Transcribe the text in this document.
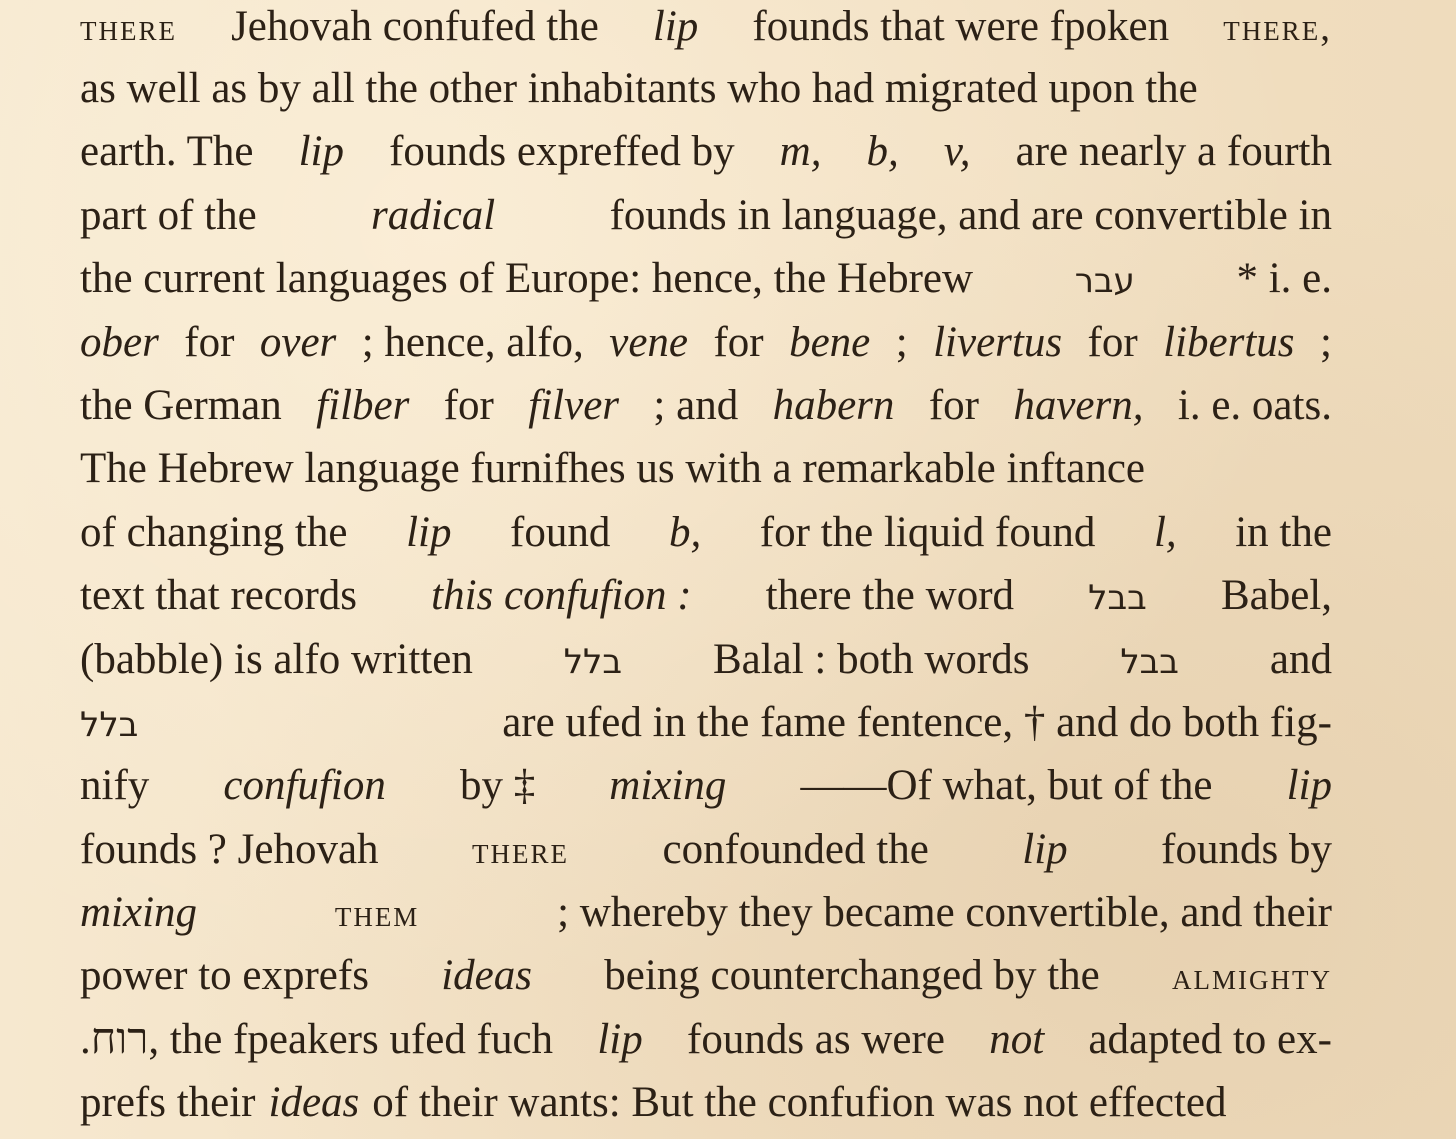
there Jehovah confufed the lip founds that were fpoken there,
as well as by all the other inhabitants who had migrated upon the
earth. The lip founds expreffed by m, b, v, are nearly a fourth
part of the	radical	founds in language, and are convertible in
the current languages of Europe: hence, the Hebrew	עבר * i. e.
ober for over ; hence, alfo, vene for bene ; livertus for libertus ;
the German filber for filver ; and habern for havern, i. e. oats.
The Hebrew language furnifhes us with a remarkable inftance
of changing the lip found b, for the liquid found l, in the
text that records this confufion : there the word בבל Babel,
(babble) is alfo written	בלל Balal : both words	בבל and
בלל	are ufed in the fame fentence, † and do both fig-
nify confufion by ‡ mixing ——Of what, but of the lip
founds ? Jehovah there confounded the lip founds by
mixing	them	; whereby they became convertible, and their
power to exprefs ideas being counterchanged by the almighty
.רוח, the fpeakers ufed fuch lip founds as were not adapted to ex-
prefs their ideas of their wants: But the confufion was not effected
